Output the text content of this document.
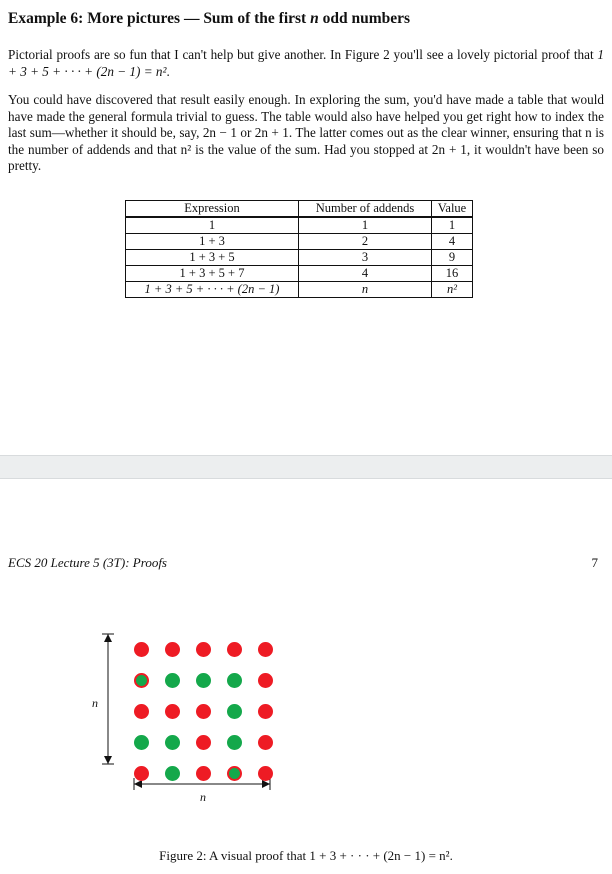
Example 6: More pictures — Sum of the first n odd numbers

Pictorial proofs are so fun that I can't help but give another. In Figure 2 you'll see a lovely pictorial proof that 1 + 3 + 5 + · · · + (2n − 1) = n².

You could have discovered that result easily enough. In exploring the sum, you'd have made a table that would have made the general formula trivial to guess. The table would also have helped you get right how to index the last sum—whether it should be, say, 2n − 1 or 2n + 1. The latter comes out as the clear winner, ensuring that n is the number of addends and that n² is the value of the sum. Had you stopped at 2n + 1, it wouldn't have been so pretty.

Expression	Number of addends	Value
1	1	1
1 + 3	2	4
1 + 3 + 5	3	9
1 + 3 + 5 + 7	4	16
1 + 3 + 5 + · · · + (2n − 1)	n	n²
ECS 20 Lecture 5 (3T): Proofs	7
n
n
Figure 2: A visual proof that 1 + 3 + · · · + (2n − 1) = n².
